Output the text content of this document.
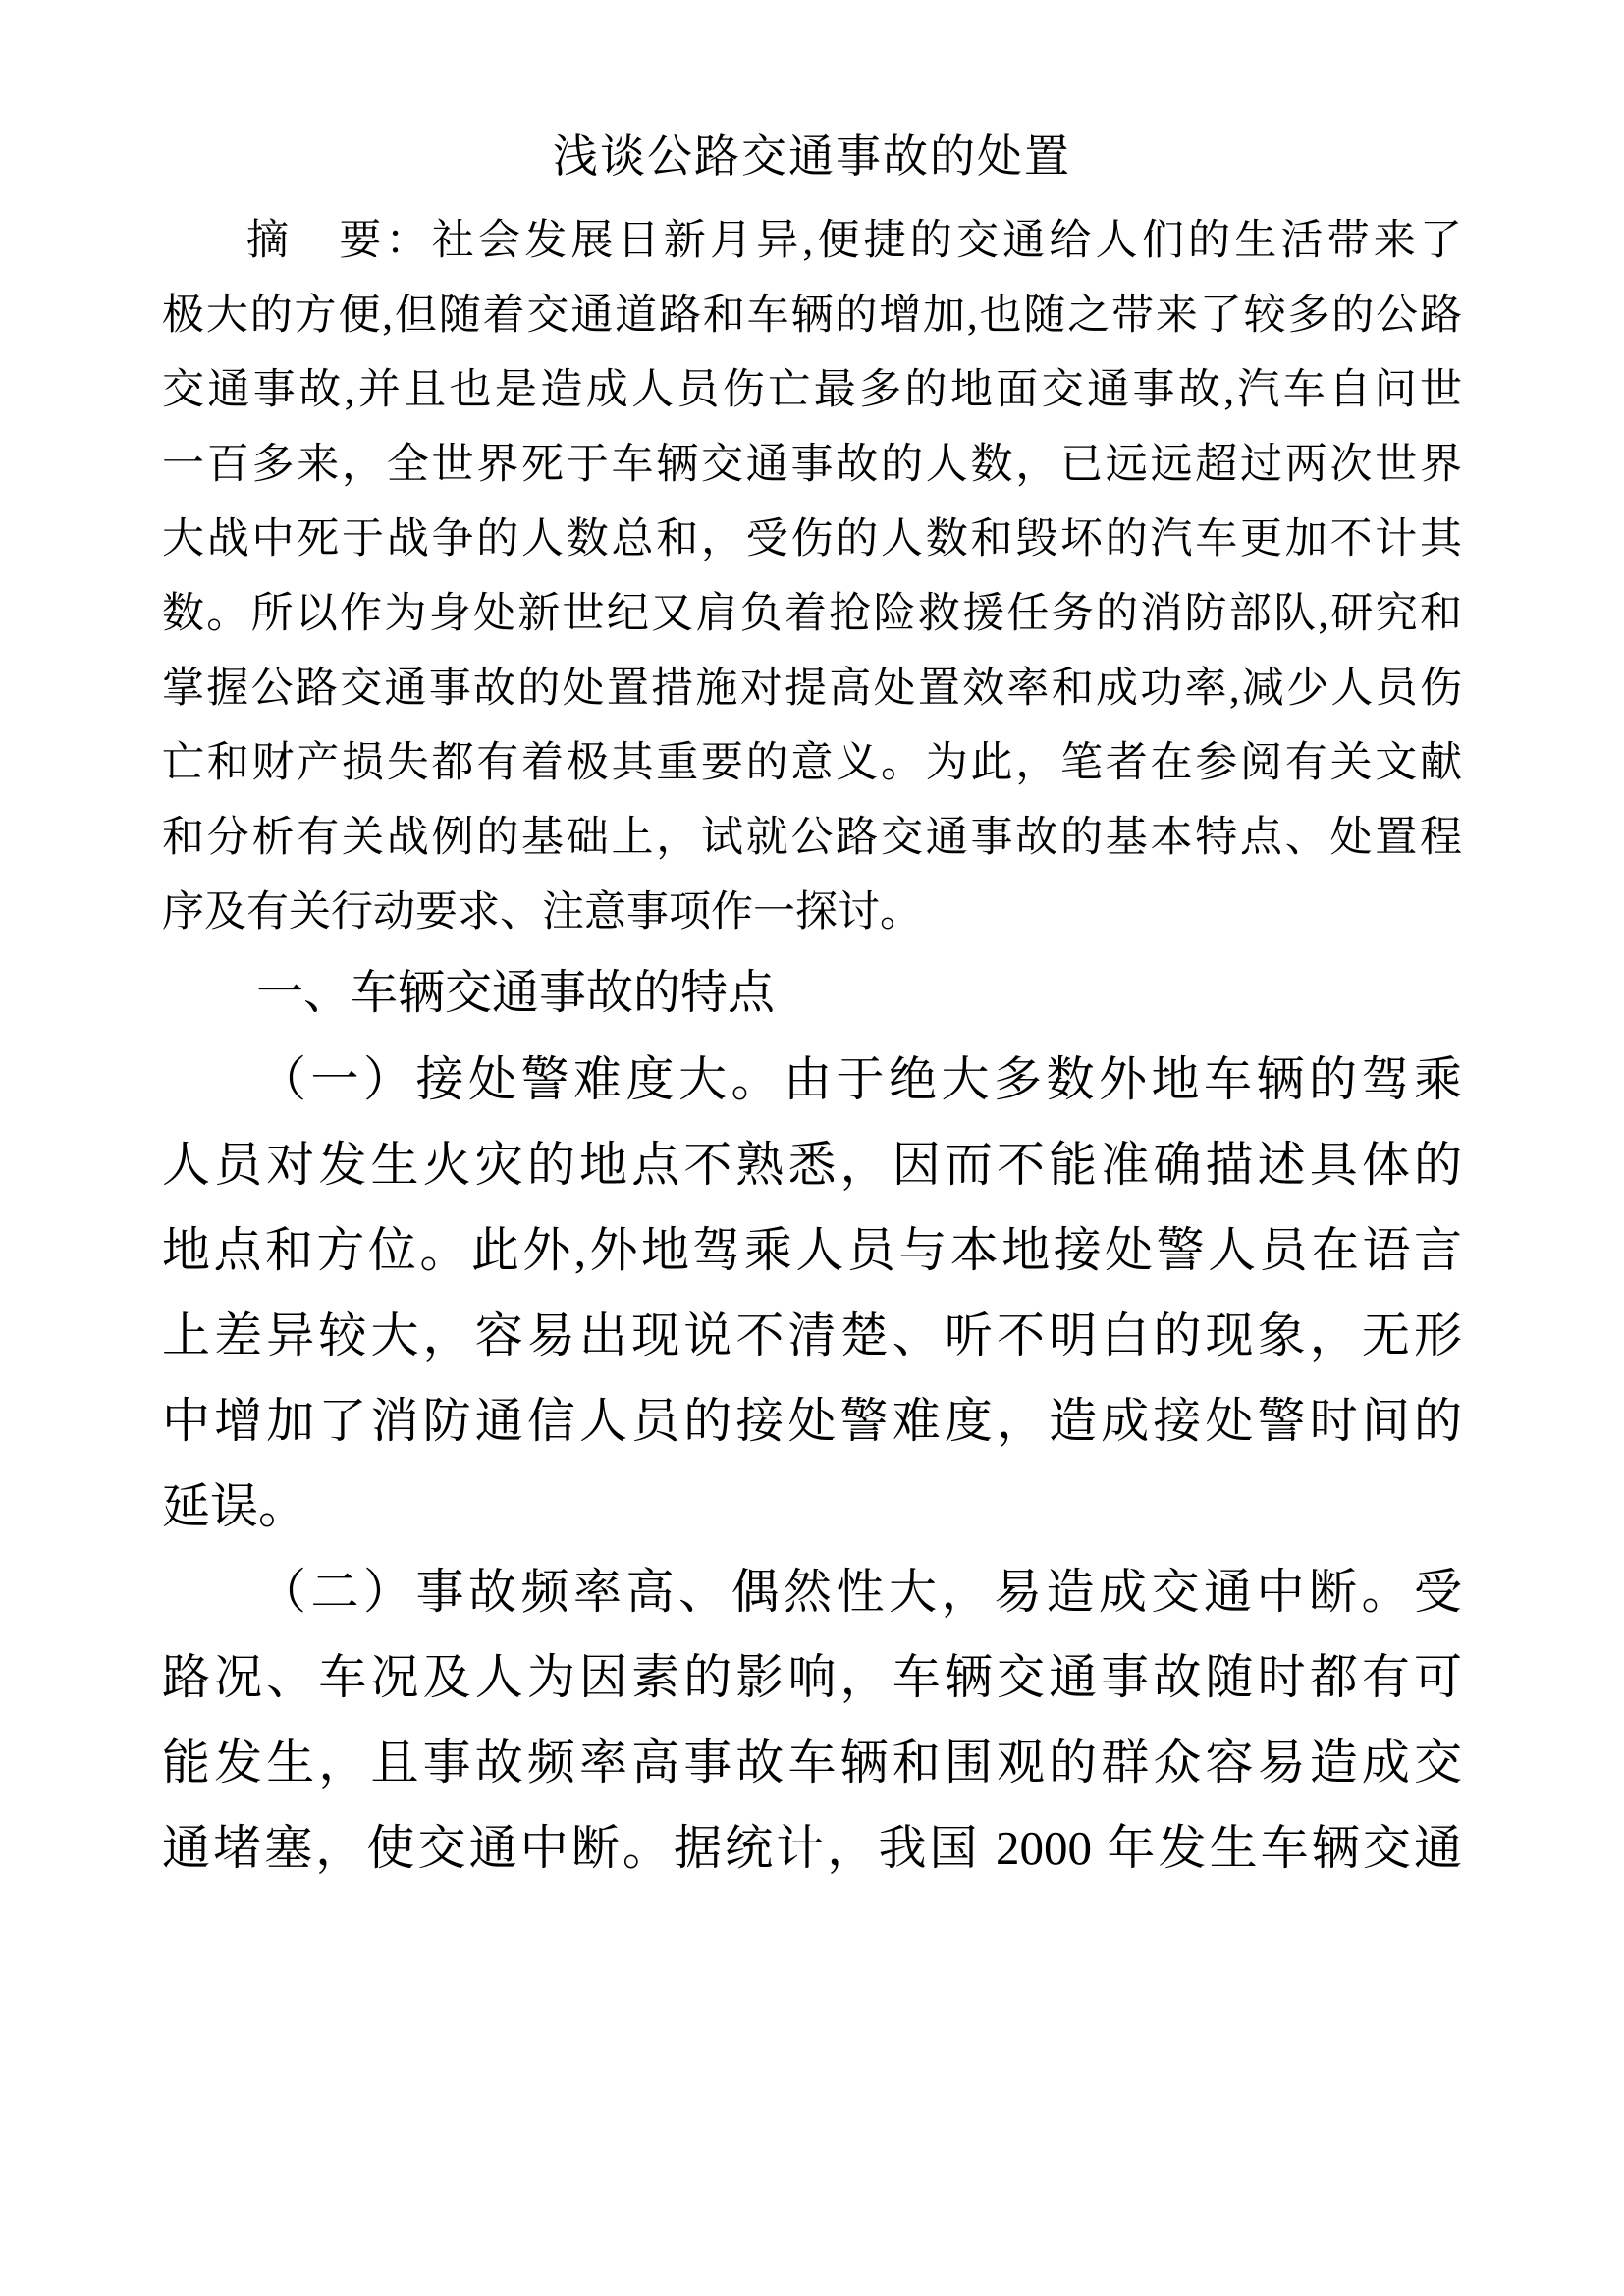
浅谈公路交通事故的处置
摘　要：社会发展日新月异,便捷的交通给人们的生活带来了
极大的方便,但随着交通道路和车辆的增加,也随之带来了较多的公路
交通事故,并且也是造成人员伤亡最多的地面交通事故,汽车自问世
一百多来，全世界死于车辆交通事故的人数，已远远超过两次世界
大战中死于战争的人数总和，受伤的人数和毁坏的汽车更加不计其
数。所以作为身处新世纪又肩负着抢险救援任务的消防部队,研究和
掌握公路交通事故的处置措施对提高处置效率和成功率,减少人员伤
亡和财产损失都有着极其重要的意义。为此，笔者在参阅有关文献
和分析有关战例的基础上，试就公路交通事故的基本特点、处置程
序及有关行动要求、注意事项作一探讨。
一、车辆交通事故的特点
（一）接处警难度大。由于绝大多数外地车辆的驾乘
人员对发生火灾的地点不熟悉，因而不能准确描述具体的
地点和方位。此外,外地驾乘人员与本地接处警人员在语言
上差异较大，容易出现说不清楚、听不明白的现象，无形
中增加了消防通信人员的接处警难度，造成接处警时间的
延误。
（二）事故频率高、偶然性大，易造成交通中断。受
路况、车况及人为因素的影响，车辆交通事故随时都有可
能发生，且事故频率高事故车辆和围观的群众容易造成交
通堵塞，使交通中断。据统计，我国 2000 年发生车辆交通
